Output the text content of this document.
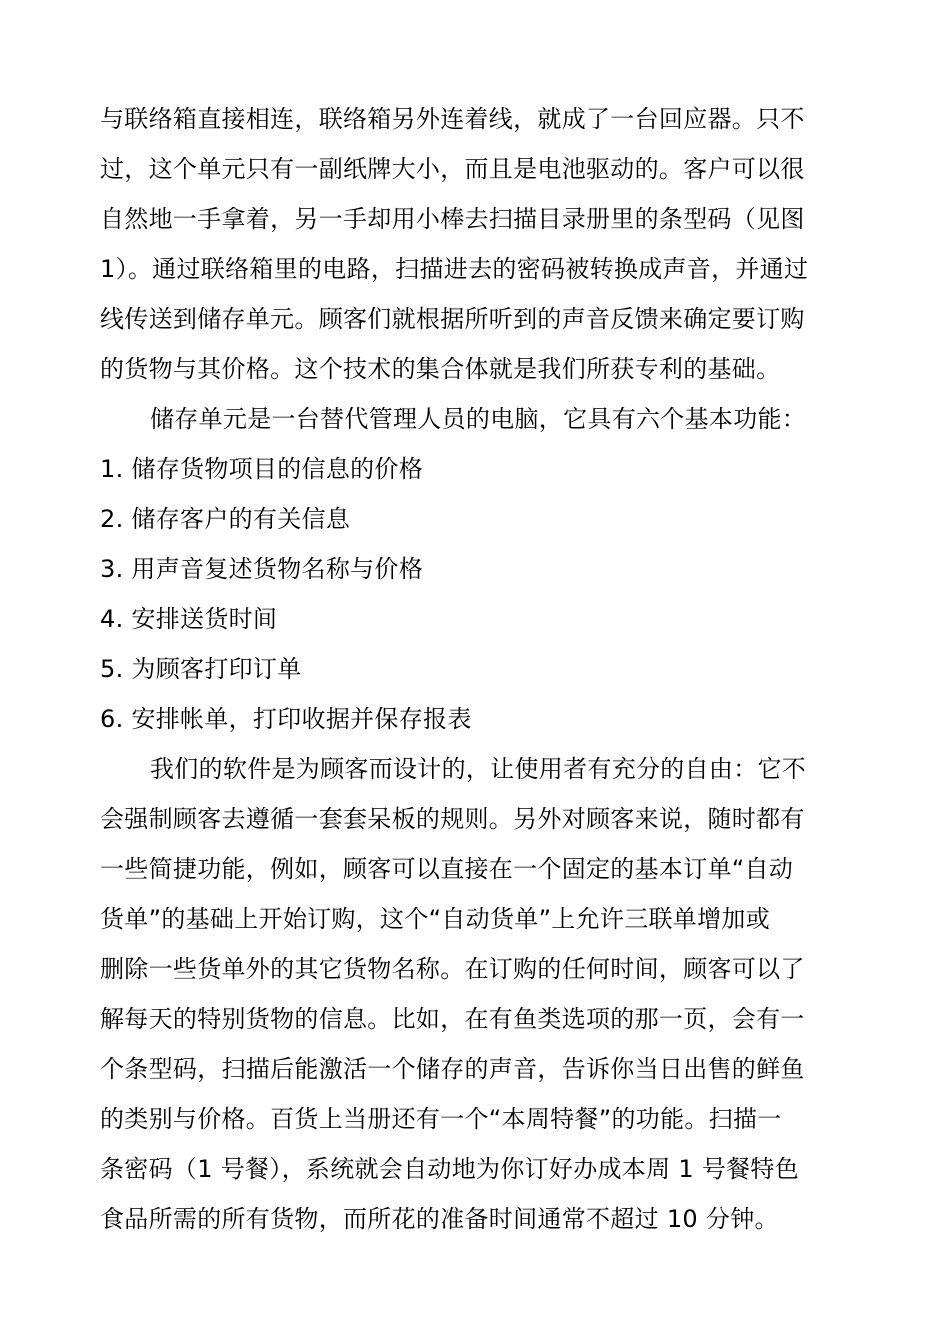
与联络箱直接相连，联络箱另外连着线，就成了一台回应器。只不
过，这个单元只有一副纸牌大小，而且是电池驱动的。客户可以很
自然地一手拿着，另一手却用小棒去扫描目录册里的条型码（见图
1）。通过联络箱里的电路，扫描进去的密码被转换成声音，并通过
线传送到储存单元。顾客们就根据所听到的声音反馈来确定要订购
的货物与其价格。这个技术的集合体就是我们所获专利的基础。
储存单元是一台替代管理人员的电脑，它具有六个基本功能：
1. 储存货物项目的信息的价格
2. 储存客户的有关信息
3. 用声音复述货物名称与价格
4. 安排送货时间
5. 为顾客打印订单
6. 安排帐单，打印收据并保存报表
我们的软件是为顾客而设计的，让使用者有充分的自由：它不
会强制顾客去遵循一套套呆板的规则。另外对顾客来说，随时都有
一些简捷功能，例如，顾客可以直接在一个固定的基本订单“自动
货单”的基础上开始订购，这个“自动货单”上允许三联单增加或
删除一些货单外的其它货物名称。在订购的任何时间，顾客可以了
解每天的特别货物的信息。比如，在有鱼类选项的那一页，会有一
个条型码，扫描后能激活一个储存的声音，告诉你当日出售的鲜鱼
的类别与价格。百货上当册还有一个“本周特餐”的功能。扫描一
条密码（1 号餐），系统就会自动地为你订好办成本周 1 号餐特色
食品所需的所有货物，而所花的准备时间通常不超过 10 分钟。
